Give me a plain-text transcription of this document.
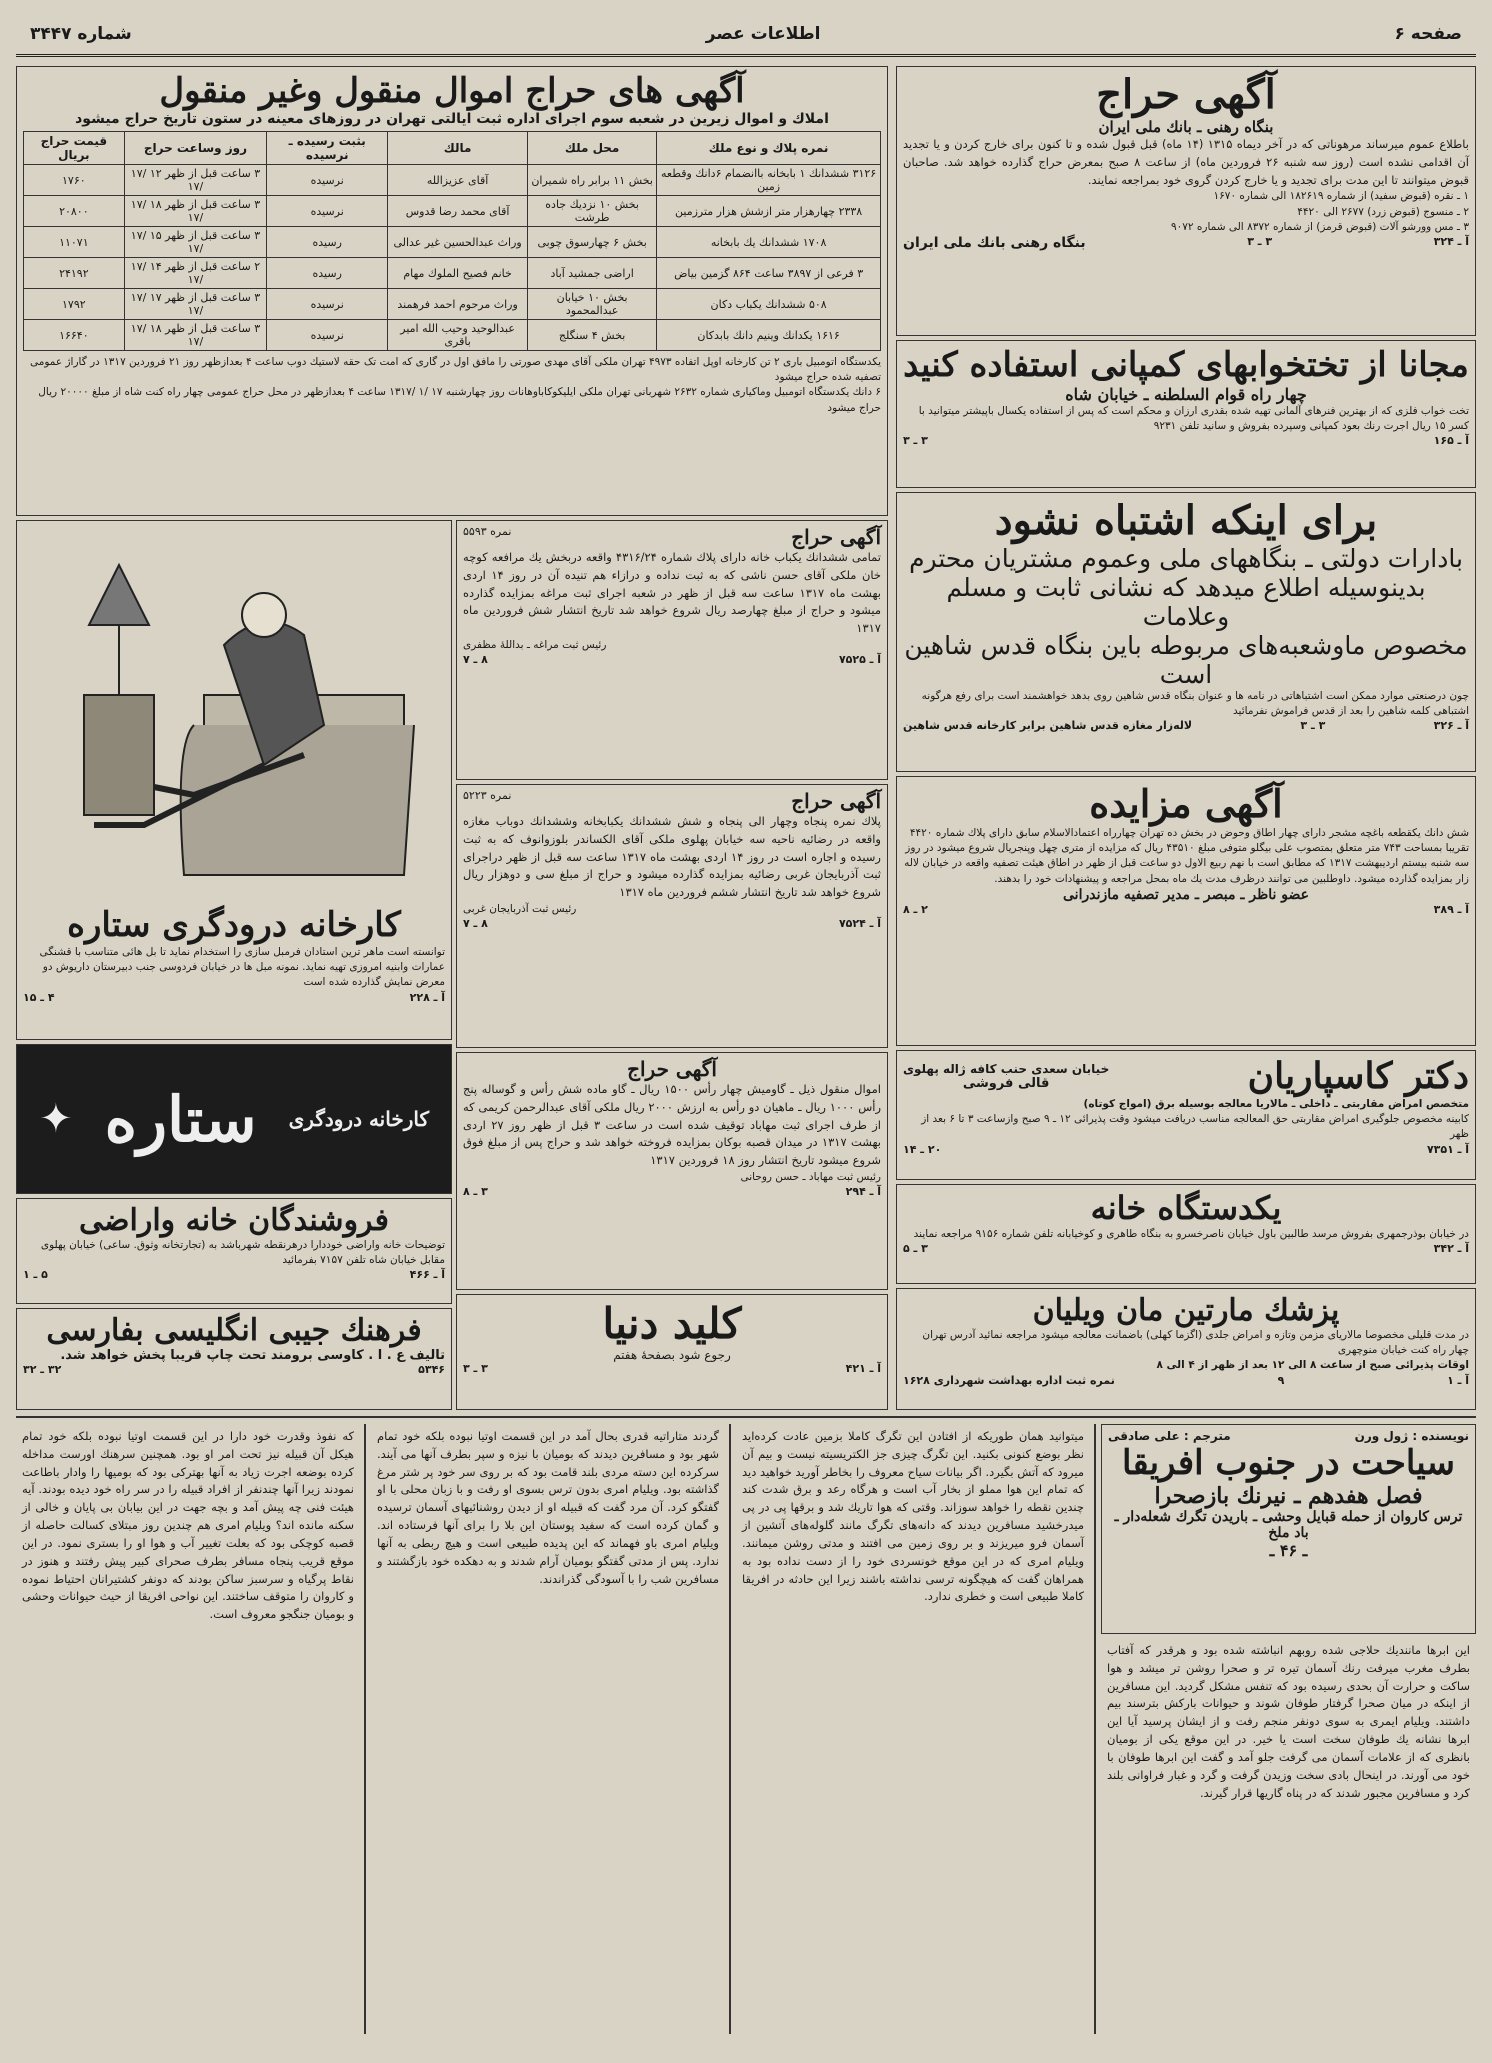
صفحه ۶
اطلاعات عصر
شماره ۳۴۴۷
آگهی حراج
بنگاه رهنی ـ بانك ملی ایران
باطلاع عموم میرساند مرهوناتی که در آخر دیماه ۱۳۱۵ (۱۴ ماه) قبل قبول شده و تا کنون برای خارج کردن و یا تجدید آن اقدامی نشده است (روز سه شنبه ۲۶ فروردین ماه) از ساعت ۸ صبح بمعرض حراج گذارده خواهد شد. صاحبان قبوض میتوانند تا این مدت برای تجدید و یا خارج کردن گروی خود بمراجعه نمایند.
۱ ـ نقره (قبوض سفید) از شماره ۱۸۲۶۱۹ الی شماره ۱۶۷۰
۲ ـ منسوج (قبوض زرد) ۲۶۷۷ الی ۴۴۲۰
۳ ـ مس وورشو آلات (قبوض قرمز) از شماره ۸۳۷۲ الی شماره ۹۰۷۲
آ ـ ۳۲۴
۳ ـ ۳
بنگاه رهنی بانك ملی ایران
مجانا از تختخوابهای کمپانی استفاده کنید
چهار راه قوام السلطنه ـ خیابان شاه
تخت خواب فلزی که از بهترین فنرهای آلمانی تهیه شده بقدری ارزان و محکم است که پس از استفاده یکسال باپیشتر میتوانید با کسر ۱۵ ریال اجرت رنك بعود کمپانی وسپرده بفروش و سانید تلفن ۹۲۳۱
آ ـ ۱۶۵
۳ ـ ۳
برای اینکه اشتباه نشود
بادارات دولتی ـ بنگاههای ملی وعموم مشتریان محترم
بدینوسیله اطلاع میدهد که نشانی ثابت و مسلم وعلامات
مخصوص ماوشعبه‌های مربوطه باین بنگاه قدس شاهین است
چون درصنعتی موارد ممکن است اشتباهاتی در نامه ها و عنوان بنگاه قدس شاهین روی بدهد خواهشمند است برای رفع هرگونه اشتباهی کلمه شاهین را بعد از قدس فراموش نفرمائید
آ ـ ۳۲۶
۳ ـ ۳
لاله‌زار مغازه قدس شاهین برابر کارخانه قدس شاهین
آگهی مزایده
شش دانك یکقطعه باغچه مشجر دارای چهار اطاق وحوض در بخش ده تهران چهارراه اعتمادالاسلام سابق دارای پلاك شماره ۴۴۲۰ تقریبا بمساحت ۷۴۳ متر متعلق بمتصوب علی بیگلو متوفی مبلغ ۴۳۵۱۰ ریال که مزایده از متری چهل وپنجریال شروع میشود در روز سه شنبه بیستم اردیبهشت ۱۳۱۷ که مطابق است با نهم ربیع الاول دو ساعت قبل از ظهر در اطاق هیئت تصفیه واقعه در خیابان لاله زار بمزایده گذارده میشود. داوطلبین می توانند درظرف مدت یك ماه بمحل مراجعه و پیشنهادات خود را بدهند.
عضو ناظر ـ مبصر ـ مدیر تصفیه مازندرانی
آ ـ ۳۸۹
۲ ـ ۸
دکتر کاسپاریان
خیابان سعدی حنب کافه ژاله پهلوی
قالی فروشی
متخصص امراض مقاربتی ـ داخلی ـ مالاریا معالجه بوسیله برق (امواج کوتاه)
کابینه مخصوص جلوگیری امراض مقاربتی حق المعالجه مناسب دریافت میشود وقت پذیرائی ۱۲ ـ ۹ صبح وازساعت ۳ تا ۶ بعد از ظهر
آ ـ ۷۳۵۱
۲۰ ـ ۱۴
یکدستگاه خانه
در خیابان بوذرجمهری بفروش مرسد طالبین باول خیابان ناصرخسرو به بنگاه طاهری و کوخیابانه تلفن شماره ۹۱۵۶ مراجعه نمایند
آ ـ ۳۴۲
۳ ـ ۵
پزشك مارتین مان ویلیان
در مدت قلیلی مخصوصا مالاریای مزمن وتازه و امراض جلدی (اگزما کهلی) باضمانت معالجه میشود مراجعه نمائید آدرس تهران چهار راه کنت خیابان منوچهری
اوقات پذیرائی صبح از ساعت ۸ الی ۱۲ بعد از ظهر از ۴ الی ۸
آ ـ ۱
۹
نمره ثبت اداره بهداشت شهرداری ۱۶۲۸
آگهی های حراج اموال منقول وغیر منقول
املاك و اموال زیرین در شعبه سوم اجرای اداره ثبت ایالتی تهران در روزهای معینه در ستون تاریخ حراج میشود
نمره پلاك و نوع ملك	محل ملك	مالك	بثبت رسیده ـ نرسیده	روز وساعت حراج	قیمت حراج بریال
۳۱۲۶ ششدانك ۱ بابخانه باانضمام ۶دانك وقطعه زمین	بخش ۱۱ برابر راه شمیران	آقای عزیزالله	نرسیده	۳ ساعت قبل از ظهر ۱۲ /۱۷ /۱۷	۱۷۶۰
۲۳۳۸ چهارهزار متر ازشش هزار مترزمین	بخش ۱۰ نزدیك جاده طرشت	آقای محمد رضا قدوس	نرسیده	۳ ساعت قبل از ظهر ۱۸ /۱۷ /۱۷	۲۰۸۰۰
۱۷۰۸ ششدانك یك بابخانه	بخش ۶ چهارسوق چوبی	وراث عبدالحسین غیر عدالی	رسیده	۳ ساعت قبل از ظهر ۱۵ /۱۷ /۱۷	۱۱۰۷۱
۳ فرعی از ۳۸۹۷ ساعت ۸۶۴ گزمین بیاض	اراضی جمشید آباد	خانم فصیح الملوك مهام	رسیده	۲ ساعت قبل از ظهر ۱۴ /۱۷ /۱۷	۲۴۱۹۲
۵۰۸ ششدانك یکباب دکان	بخش ۱۰ خیابان عبدالمحمود	وراث مرحوم احمد فرهمند	نرسیده	۳ ساعت قبل از ظهر ۱۷ /۱۷ /۱۷	۱۷۹۲
۱۶۱۶ یکدانك وینیم دانك بابدکان	بخش ۴ سنگلج	عبدالوحید وحیب الله امیر باقری	نرسیده	۳ ساعت قبل از ظهر ۱۸ /۱۷ /۱۷	۱۶۶۴۰
یکدستگاه اتومبیل باری ۲ تن کارخانه اوپل اتفاده ۴۹۷۳ تهران ملکی آقای مهدی صورتی را مافق اول در گاری که امت تک حقه لاستیك دوب ساعت ۴ بعدازظهر روز ۲۱ فروردین ۱۳۱۷ در گاراژ عمومی تصفیه شده حراج میشود
۶ دانك یکدستگاه اتومبیل وماکیاری شماره ۲۶۳۲ شهربانی تهران ملکی ایلیکوکاباوهانات روز چهارشنبه ۱۷ /۱ /۱۳۱۷ ساعت ۴ بعدازظهر در محل حراج عمومی چهار راه کنت شاه از مبلغ ۲۰۰۰۰ ریال حراج میشود
آگهی حراج
نمره ۵۵۹۳
تمامی ششدانك یکباب خانه دارای پلاك شماره ۴۳۱۶/۲۴ واقعه دربخش یك مرافعه کوچه خان ملکی آقای حسن ناشی که به ثبت نداده و درازاء هم تنیده آن در روز ۱۴ اردی بهشت ماه ۱۳۱۷ ساعت سه قبل از ظهر در شعبه اجرای ثبت مراغه بمزایده گذارده میشود و حراج از مبلغ چهارصد ریال شروع خواهد شد تاریخ انتشار شش فروردین ماه ۱۳۱۷
رئیس ثبت مراغه ـ بداللهٔ مظفری
آ ـ ۷۵۲۵
۸ ـ ۷
آگهی حراج
نمره ۵۲۲۳
پلاك نمره پنجاه وچهار الی پنجاه و شش ششدانك یکبابخانه وششدانك دوباب مغازه واقعه در رضائیه ناحیه سه خیابان پهلوی ملکی آقای الکساندر بلوزوانوف که به ثبت رسیده و اجاره است در روز ۱۴ اردی بهشت ماه ۱۳۱۷ ساعت سه قبل از ظهر دراجرای ثبت آذربایجان غربی رضائیه بمزایده گذارده میشود و حراج از مبلغ سی و دوهزار ریال شروع خواهد شد تاریخ انتشار ششم فروردین ماه ۱۳۱۷
رئیس ثبت آذربایجان غربی
آ ـ ۷۵۲۴
۸ ـ ۷
آگهی حراج
اموال منقول ذیل ـ گاومیش چهار رأس ۱۵۰۰ ریال ـ گاو ماده شش رأس و گوساله پنج رأس ۱۰۰۰ ریال ـ ماهیان دو رأس به ارزش ۲۰۰۰ ریال ملکی آقای عبدالرحمن کریمی که از طرف اجرای ثبت مهاباد توقیف شده است در ساعت ۳ قبل از ظهر روز ۲۷ اردی بهشت ۱۳۱۷ در میدان قصبه بوکان بمزایده فروخته خواهد شد و حراج پس از مبلغ فوق شروع میشود تاریخ انتشار روز ۱۸ فروردین ۱۳۱۷
رئیس ثبت مهاباد ـ حسن روحانی
آ ـ ۲۹۴
۳ ـ ۸
کلید دنیا
رجوع شود بصفحهٔ هفتم
آ ـ ۴۲۱
۳ ـ ۳
کارخانه درودگری ستاره
توانسته است ماهر ترین استادان فرمبل سازی را استخدام نماید تا بل هائی متناسب با قشنگی عمارات وابنیه امروزی تهیه نماید. نمونه مبل ها در خیابان فردوسی جنب دبیرستان داریوش دو معرض نمایش گذارده شده است
آ ـ ۲۲۸
۴ ـ ۱۵
کارخانه درودگری
ستاره
✦
فروشندگان خانه واراضی
توضیحات خانه واراضی خوددارا درهرنقطه شهرباشد به (تجارتخانه وثوق. ساعی) خیابان پهلوی مقابل خیابان شاه تلفن ۷۱۵۷ بفرمائید
آ ـ ۴۶۶
۵ ـ ۱
فرهنك جیبی انگلیسی بفارسی
تالیف ع . ا . کاوسی برومند تحت چاپ قریبا پخش خواهد شد.
۵۳۴۶
۳۲ ـ ۳۲
نویسنده : ژول ورن
مترجم : علی صادقی
سیاحت در جنوب افریقا
فصل هفدهم ـ نیرنك بازصحرا
ترس کاروان از حمله قبایل وحشی ـ باریدن تگرك شعله‌دار ـ باد ملخ
ـ ۴۶ ـ

این ابرها مانندیك حلاجی شده روبهم انباشته شده بود و هرقدر که آفتاب بطرف مغرب میرفت رنك آسمان تیره تر و صحرا روشن تر میشد و هوا ساکت و حرارت آن بحدی رسیده بود که تنفس مشکل گردید. این مسافرین از اینکه در میان صحرا گرفتار طوفان شوند و حیوانات بارکش بترسند بیم داشتند. ویلیام ایمری به سوی دونفر منجم رفت و از ایشان پرسید آیا این ابرها نشانه یك طوفان سخت است یا خیر. در این موقع یکی از بومیان بانظری که از علامات آسمان می گرفت جلو آمد و گفت این ابرها طوفان با خود می آورند. در اینحال بادی سخت وزیدن گرفت و گرد و غبار فراوانی بلند کرد و مسافرین مجبور شدند که در پناه گاریها قرار گیرند.

میتوانید همان طوریکه از افتادن این تگرگ کاملا بزمین عادت کرده‌اید نظر بوضع کنونی بکنید. این تگرگ چیزی جز الکتریسیته نیست و بیم آن میرود که آتش بگیرد. اگر بیانات سیاح معروف را بخاطر آورید خواهید دید که تمام این هوا مملو از بخار آب است و هرگاه رعد و برق شدت کند چندین نقطه را خواهد سوزاند. وقتی که هوا تاریك شد و برقها پی در پی میدرخشید مسافرین دیدند که دانه‌های تگرگ مانند گلوله‌های آتشین از آسمان فرو میریزند و بر روی زمین می افتند و مدتی روشن میمانند. ویلیام امری که در این موقع خونسردی خود را از دست نداده بود به همراهان گفت که هیچگونه ترسی نداشته باشند زیرا این حادثه در افریقا کاملا طبیعی است و خطری ندارد.

گردند متاراتیه قدری بحال آمد در این قسمت اوتیا نبوده بلکه خود تمام شهر بود و مسافرین دیدند که بومیان با نیزه و سپر بطرف آنها می آیند. سرکرده این دسته مردی بلند قامت بود که بر روی سر خود پر شتر مرغ گذاشته بود. ویلیام امری بدون ترس بسوی او رفت و با زبان محلی با او گفتگو کرد. آن مرد گفت که قبیله او از دیدن روشنائیهای آسمان ترسیده و گمان کرده است که سفید پوستان این بلا را برای آنها فرستاده اند. ویلیام امری باو فهماند که این پدیده طبیعی است و هیچ ربطی به آنها ندارد. پس از مدتی گفتگو بومیان آرام شدند و به دهکده خود بازگشتند و مسافرین شب را با آسودگی گذراندند.

که نفوذ وقدرت خود دارا در این قسمت اوتیا نبوده بلکه خود تمام هیکل آن قبیله نیز تحت امر او بود. همچنین سرهنك اورست مداخله کرده بوضعه اجرت زیاد به آنها بهترکی بود که بومیها را وادار باطاعت نمودند زیرا آنها چندنفر از افراد قبیله را در سر راه خود دیده بودند. آیه هیئت فنی چه پیش آمد و بچه جهت در این بیابان بی پایان و خالی از سکنه مانده اند؟ ویلیام امری هم چندین روز مبتلای کسالت حاصله از قصبه کوچکی بود که بعلت تغییر آب و هوا او را بستری نمود. در این موقع قریب پنجاه مسافر بطرف صحرای کبیر پیش رفتند و هنوز در نقاط پرگیاه و سرسبز ساکن بودند که دونفر کشتیرانان احتیاط نموده و کاروان را متوقف ساختند. این نواحی افریقا از حیث حیوانات وحشی و بومیان جنگجو معروف است.
